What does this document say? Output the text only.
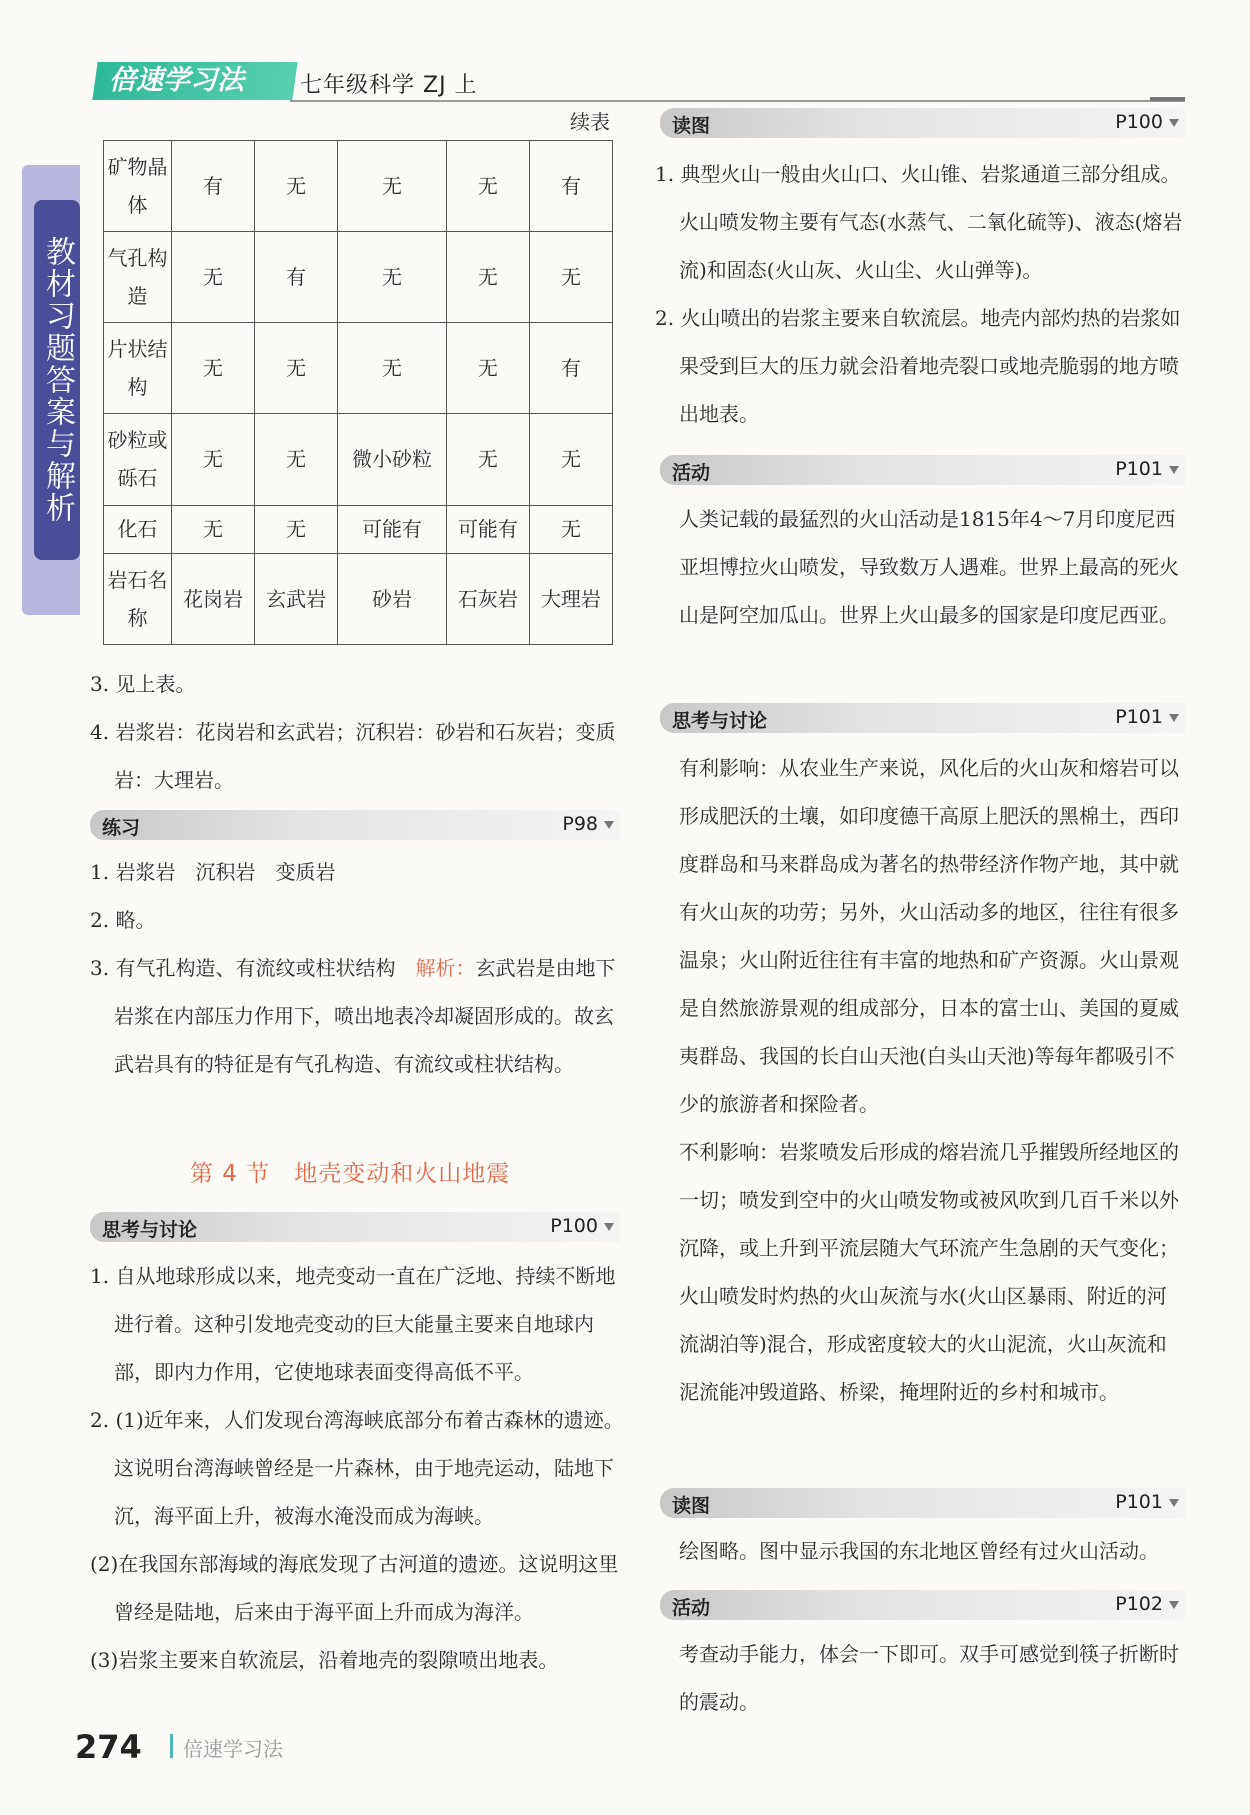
倍速学习法	七年级科学 ZJ 上
教材习题答案与解析
续表
矿物晶体	有	无	无	无	有
气孔构造	无	有	无	无	无
片状结构	无	无	无	无	有
砂粒或砾石	无	无	微小砂粒	无	无
化石	无	无	可能有	可能有	无
岩石名称	花岗岩	玄武岩	砂岩	石灰岩	大理岩
3. 见上表。
4. 岩浆岩：花岗岩和玄武岩；沉积岩：砂岩和石灰岩；变质岩：大理岩。
练习	P98
1. 岩浆岩　沉积岩　变质岩
2. 略。
3. 有气孔构造、有流纹或柱状结构　解析：玄武岩是由地下岩浆在内部压力作用下，喷出地表冷却凝固形成的。故玄武岩具有的特征是有气孔构造、有流纹或柱状结构。
第 4 节　地壳变动和火山地震
思考与讨论	P100
1. 自从地球形成以来，地壳变动一直在广泛地、持续不断地进行着。这种引发地壳变动的巨大能量主要来自地球内部，即内力作用，它使地球表面变得高低不平。
2. (1)近年来，人们发现台湾海峡底部分布着古森林的遗迹。这说明台湾海峡曾经是一片森林，由于地壳运动，陆地下沉，海平面上升，被海水淹没而成为海峡。
(2)在我国东部海域的海底发现了古河道的遗迹。这说明这里曾经是陆地，后来由于海平面上升而成为海洋。
(3)岩浆主要来自软流层，沿着地壳的裂隙喷出地表。
读图	P100
1. 典型火山一般由火山口、火山锥、岩浆通道三部分组成。火山喷发物主要有气态(水蒸气、二氧化硫等)、液态(熔岩流)和固态(火山灰、火山尘、火山弹等)。
2. 火山喷出的岩浆主要来自软流层。地壳内部灼热的岩浆如果受到巨大的压力就会沿着地壳裂口或地壳脆弱的地方喷出地表。
活动	P101
人类记载的最猛烈的火山活动是1815年4～7月印度尼西亚坦博拉火山喷发，导致数万人遇难。世界上最高的死火山是阿空加瓜山。世界上火山最多的国家是印度尼西亚。
思考与讨论	P101
有利影响：从农业生产来说，风化后的火山灰和熔岩可以形成肥沃的土壤，如印度德干高原上肥沃的黑棉土，西印度群岛和马来群岛成为著名的热带经济作物产地，其中就有火山灰的功劳；另外，火山活动多的地区，往往有很多温泉；火山附近往往有丰富的地热和矿产资源。火山景观是自然旅游景观的组成部分，日本的富士山、美国的夏威夷群岛、我国的长白山天池(白头山天池)等每年都吸引不少的旅游者和探险者。
不利影响：岩浆喷发后形成的熔岩流几乎摧毁所经地区的一切；喷发到空中的火山喷发物或被风吹到几百千米以外沉降，或上升到平流层随大气环流产生急剧的天气变化；火山喷发时灼热的火山灰流与水(火山区暴雨、附近的河流湖泊等)混合，形成密度较大的火山泥流，火山灰流和泥流能冲毁道路、桥梁，掩埋附近的乡村和城市。
读图	P101
绘图略。图中显示我国的东北地区曾经有过火山活动。
活动	P102
考查动手能力，体会一下即可。双手可感觉到筷子折断时的震动。
274 倍速学习法
